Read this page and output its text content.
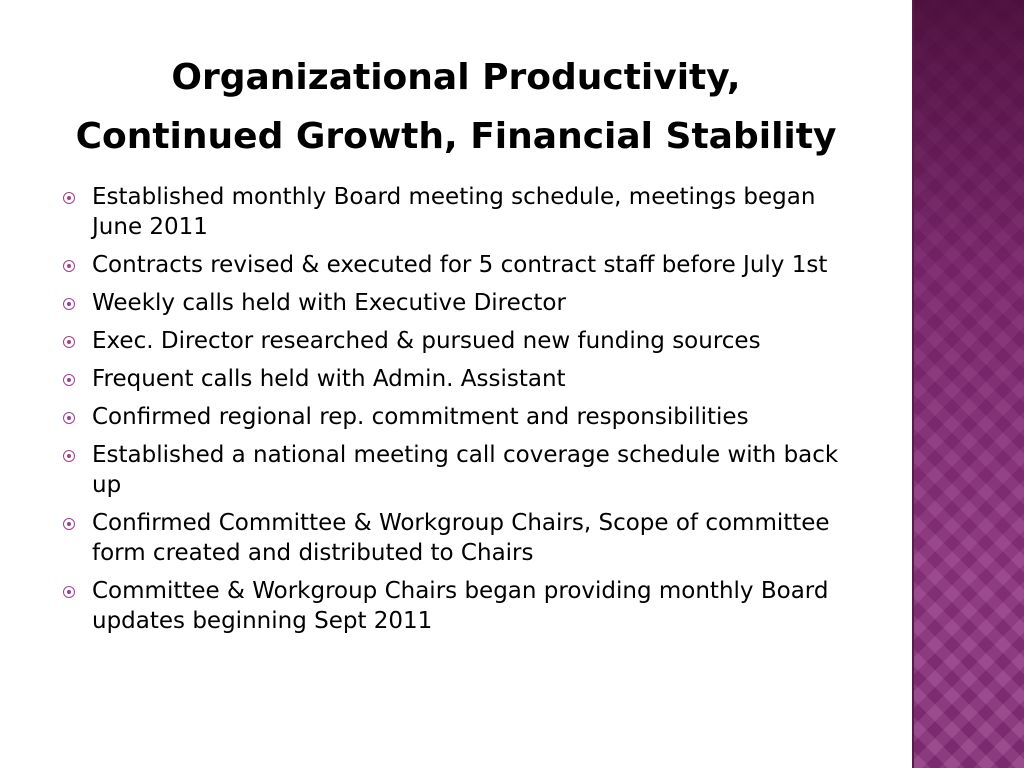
Organizational Productivity,
Continued Growth, Financial Stability
Established monthly Board meeting schedule, meetings began June 2011
Contracts revised & executed for 5 contract staff before July 1st
Weekly calls held with Executive Director
Exec. Director researched & pursued new funding sources
Frequent calls held with Admin. Assistant
Confirmed regional rep. commitment and responsibilities
Established a national meeting call coverage schedule with back up
Confirmed Committee & Workgroup Chairs, Scope of committee form created and distributed to Chairs
Committee & Workgroup Chairs began providing monthly Board updates beginning Sept 2011
